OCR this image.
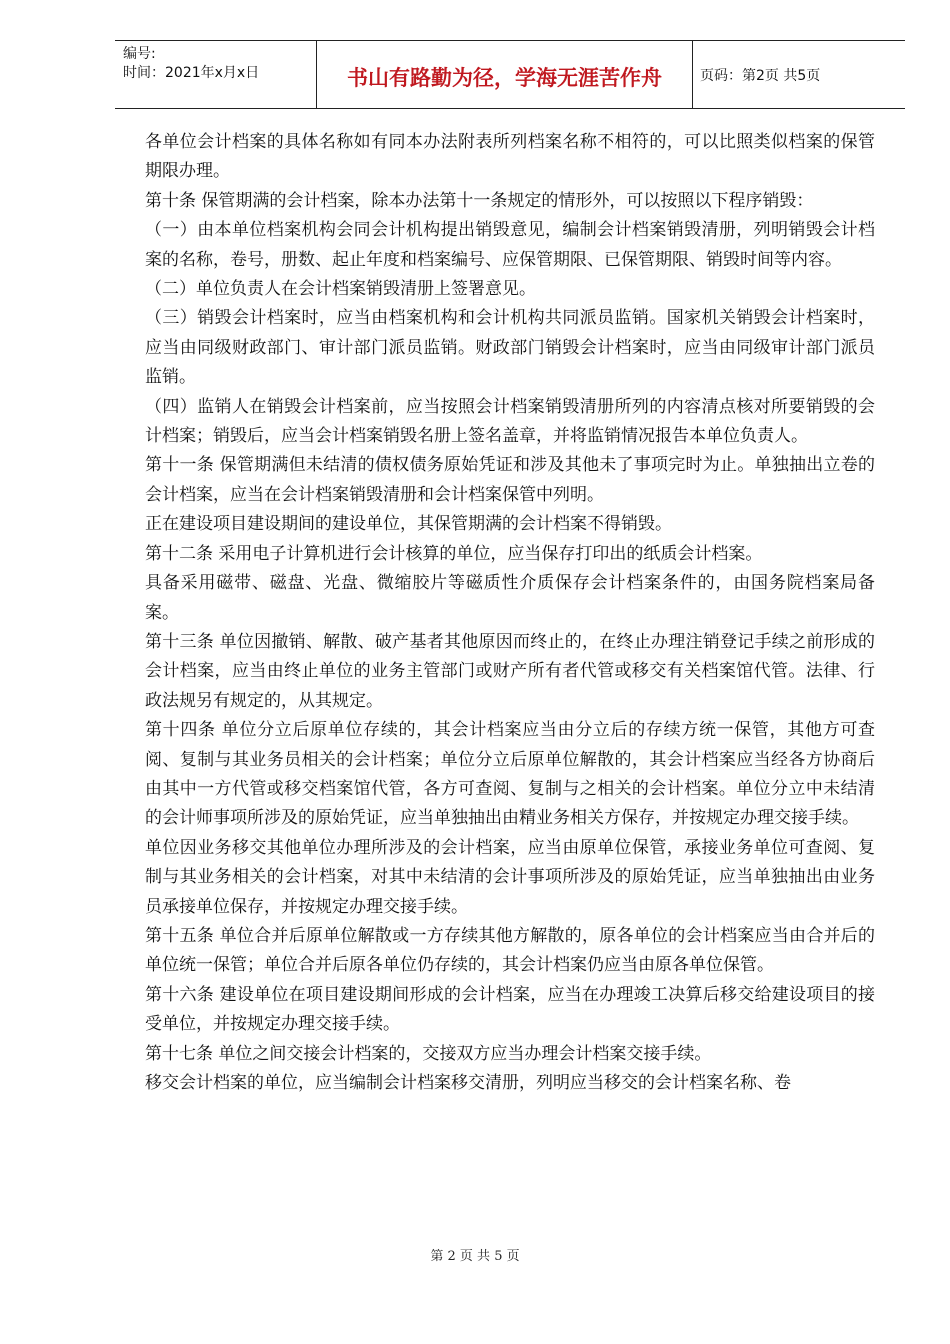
编号:
时间：2021年x月x日	书山有路勤为径，学海无涯苦作舟	页码：第2页 共5页

各单位会计档案的具体名称如有同本办法附表所列档案名称不相符的，可以比照类似档案的保管期限办理。

第十条 保管期满的会计档案，除本办法第十一条规定的情形外，可以按照以下程序销毁：

（一）由本单位档案机构会同会计机构提出销毁意见，编制会计档案销毁清册，列明销毁会计档案的名称，卷号，册数、起止年度和档案编号、应保管期限、已保管期限、销毁时间等内容。

（二）单位负责人在会计档案销毁清册上签署意见。

（三）销毁会计档案时，应当由档案机构和会计机构共同派员监销。国家机关销毁会计档案时，应当由同级财政部门、审计部门派员监销。财政部门销毁会计档案时，应当由同级审计部门派员监销。

（四）监销人在销毁会计档案前，应当按照会计档案销毁清册所列的内容清点核对所要销毁的会计档案；销毁后，应当会计档案销毁名册上签名盖章，并将监销情况报告本单位负责人。

第十一条 保管期满但未结清的债权债务原始凭证和涉及其他未了事项完时为止。单独抽出立卷的会计档案，应当在会计档案销毁清册和会计档案保管中列明。

正在建设项目建设期间的建设单位，其保管期满的会计档案不得销毁。

第十二条 采用电子计算机进行会计核算的单位，应当保存打印出的纸质会计档案。

具备采用磁带、磁盘、光盘、微缩胶片等磁质性介质保存会计档案条件的，由国务院档案局备案。

第十三条 单位因撤销、解散、破产基者其他原因而终止的，在终止办理注销登记手续之前形成的会计档案，应当由终止单位的业务主管部门或财产所有者代管或移交有关档案馆代管。法律、行政法规另有规定的，从其规定。

第十四条 单位分立后原单位存续的，其会计档案应当由分立后的存续方统一保管，其他方可查阅、复制与其业务员相关的会计档案；单位分立后原单位解散的，其会计档案应当经各方协商后由其中一方代管或移交档案馆代管，各方可查阅、复制与之相关的会计档案。单位分立中未结清的会计师事项所涉及的原始凭证，应当单独抽出由精业务相关方保存，并按规定办理交接手续。

单位因业务移交其他单位办理所涉及的会计档案，应当由原单位保管，承接业务单位可查阅、复制与其业务相关的会计档案，对其中未结清的会计事项所涉及的原始凭证，应当单独抽出由业务员承接单位保存，并按规定办理交接手续。

第十五条 单位合并后原单位解散或一方存续其他方解散的，原各单位的会计档案应当由合并后的单位统一保管；单位合并后原各单位仍存续的，其会计档案仍应当由原各单位保管。

第十六条 建设单位在项目建设期间形成的会计档案，应当在办理竣工决算后移交给建设项目的接受单位，并按规定办理交接手续。

第十七条 单位之间交接会计档案的，交接双方应当办理会计档案交接手续。

移交会计档案的单位，应当编制会计档案移交清册，列明应当移交的会计档案名称、卷

第 2 页 共 5 页
